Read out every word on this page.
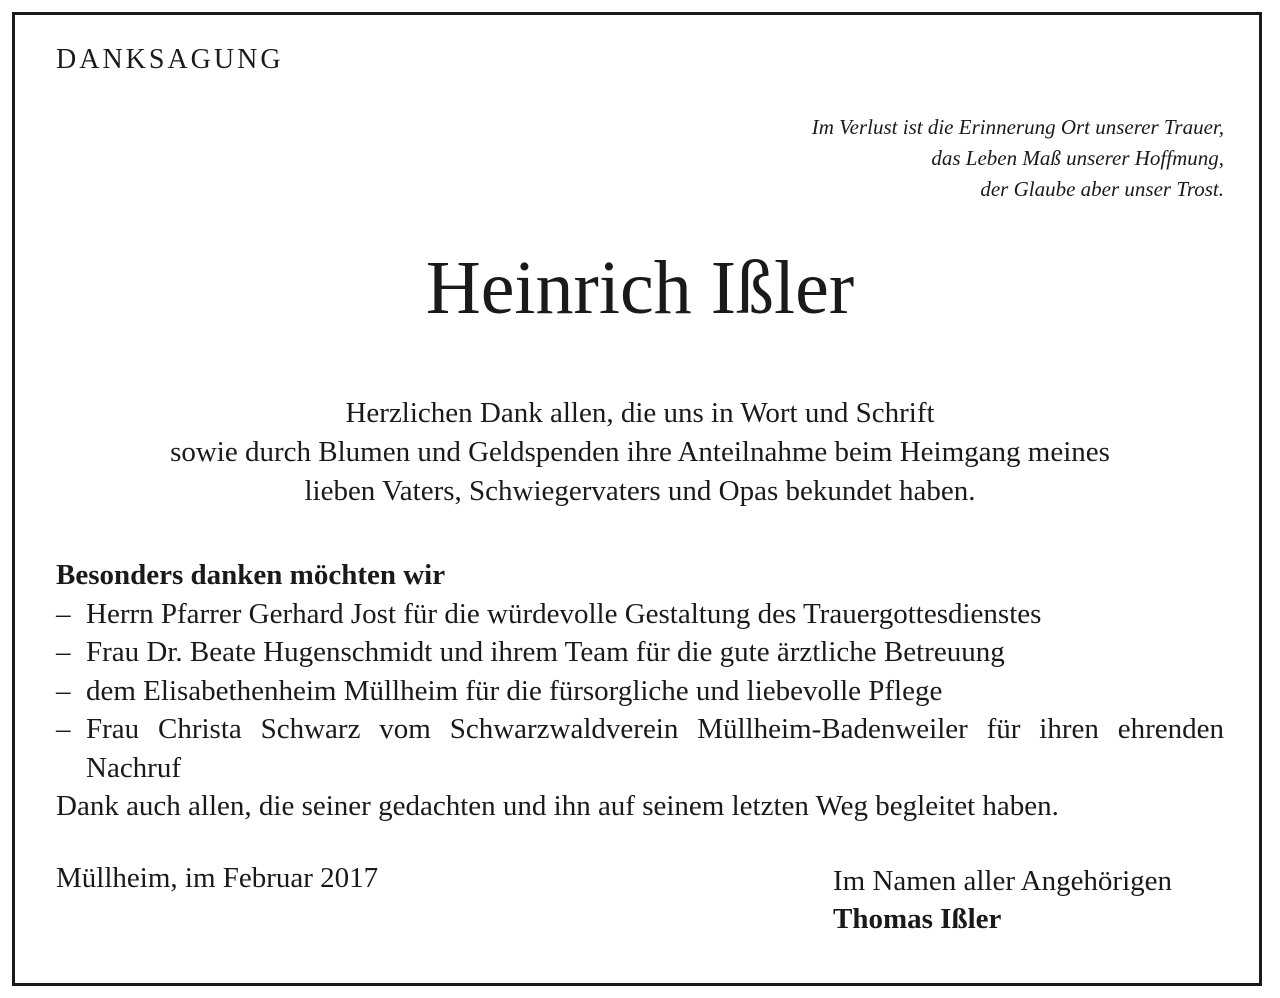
DANKSAGUNG
Im Verlust ist die Erinnerung Ort unserer Trauer,
das Leben Maß unserer Hoffmung,
der Glaube aber unser Trost.
Heinrich Ißler
Herzlichen Dank allen, die uns in Wort und Schrift
sowie durch Blumen und Geldspenden ihre Anteilnahme beim Heimgang meines
lieben Vaters, Schwiegervaters und Opas bekundet haben.
Besonders danken möchten wir
– Herrn Pfarrer Gerhard Jost für die würdevolle Gestaltung des Trauergottesdienstes
– Frau Dr. Beate Hugenschmidt und ihrem Team für die gute ärztliche Betreuung
– dem Elisabethenheim Müllheim für die fürsorgliche und liebevolle Pflege
– Frau Christa Schwarz vom Schwarzwaldverein Müllheim-Badenweiler für ihren ehrenden Nachruf
Dank auch allen, die seiner gedachten und ihn auf seinem letzten Weg begleitet haben.
Müllheim, im Februar 2017	Im Namen aller Angehörigen
Thomas Ißler
